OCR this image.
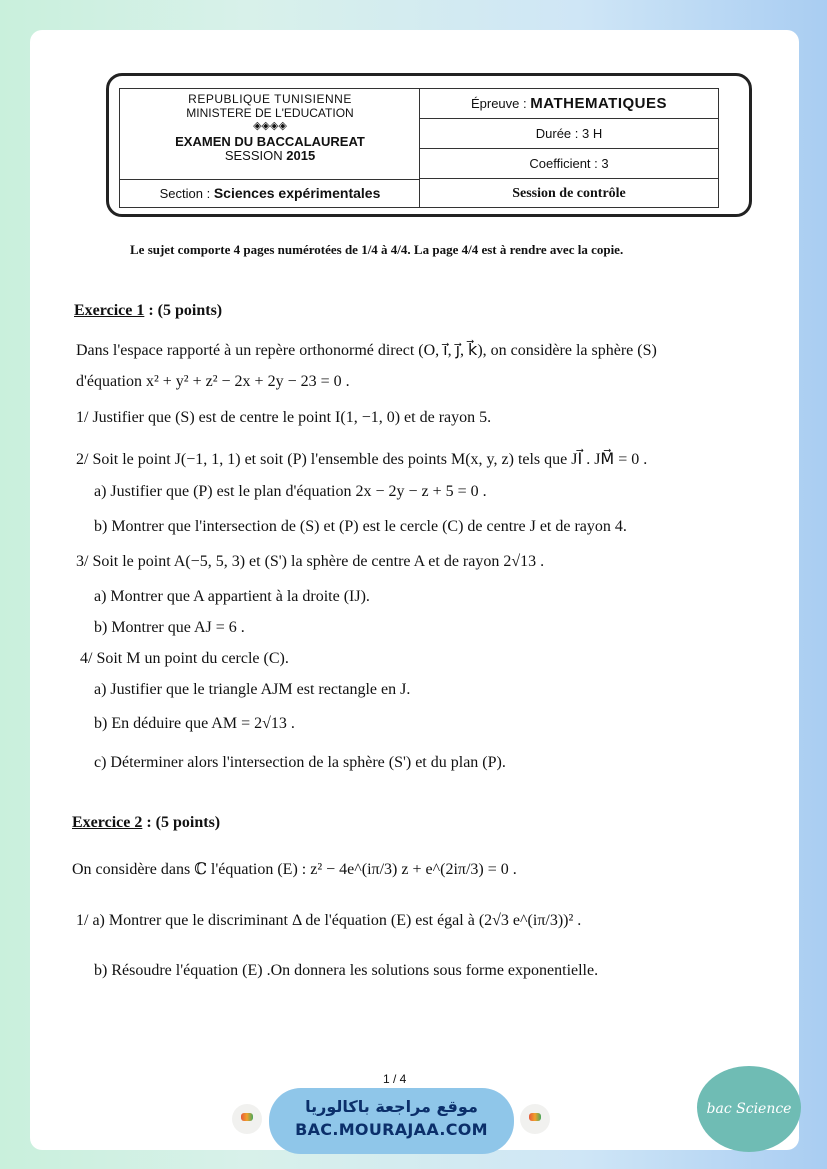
REPUBLIQUE TUNISIENNE
MINISTERE DE L'EDUCATION
◈◈◈◈
EXAMEN DU BACCALAUREAT
SESSION 2015
Section : Sciences expérimentales
Épreuve : MATHEMATIQUES
Durée : 3 H
Coefficient : 3
Session de contrôle
Le sujet comporte 4 pages numérotées de 1/4 à 4/4. La page 4/4 est à rendre avec la copie.
Exercice 1 : (5 points)
Dans l'espace rapporté à un repère orthonormé direct (O, i⃗, j⃗, k⃗), on considère la sphère (S)
d'équation x² + y² + z² − 2x + 2y − 23 = 0 .
1/ Justifier que (S) est de centre le point I(1, −1, 0) et de rayon 5.
2/ Soit le point J(−1, 1, 1) et soit (P) l'ensemble des points M(x, y, z) tels que JI⃗ . JM⃗ = 0 .
a) Justifier que (P) est le plan d'équation 2x − 2y − z + 5 = 0 .
b) Montrer que l'intersection de (S) et (P) est le cercle (C) de centre J et de rayon 4.
3/ Soit le point A(−5, 5, 3) et (S') la sphère de centre A et de rayon 2√13 .
a) Montrer que A appartient à la droite (IJ).
b) Montrer que AJ = 6 .
4/ Soit M un point du cercle (C).
a) Justifier que le triangle AJM est rectangle en J.
b) En déduire que AM = 2√13 .
c) Déterminer alors l'intersection de la sphère (S') et du plan (P).
Exercice 2 : (5 points)
On considère dans ℂ l'équation (E) : z² − 4e^(iπ/3) z + e^(2iπ/3) = 0 .
1/ a) Montrer que le discriminant Δ de l'équation (E) est égal à (2√3 e^(iπ/3))² .
b) Résoudre l'équation (E) .On donnera les solutions sous forme exponentielle.
1 / 4
موقع مراجعة باكالوريا
BAC.MOURAJAA.COM
bac Science
